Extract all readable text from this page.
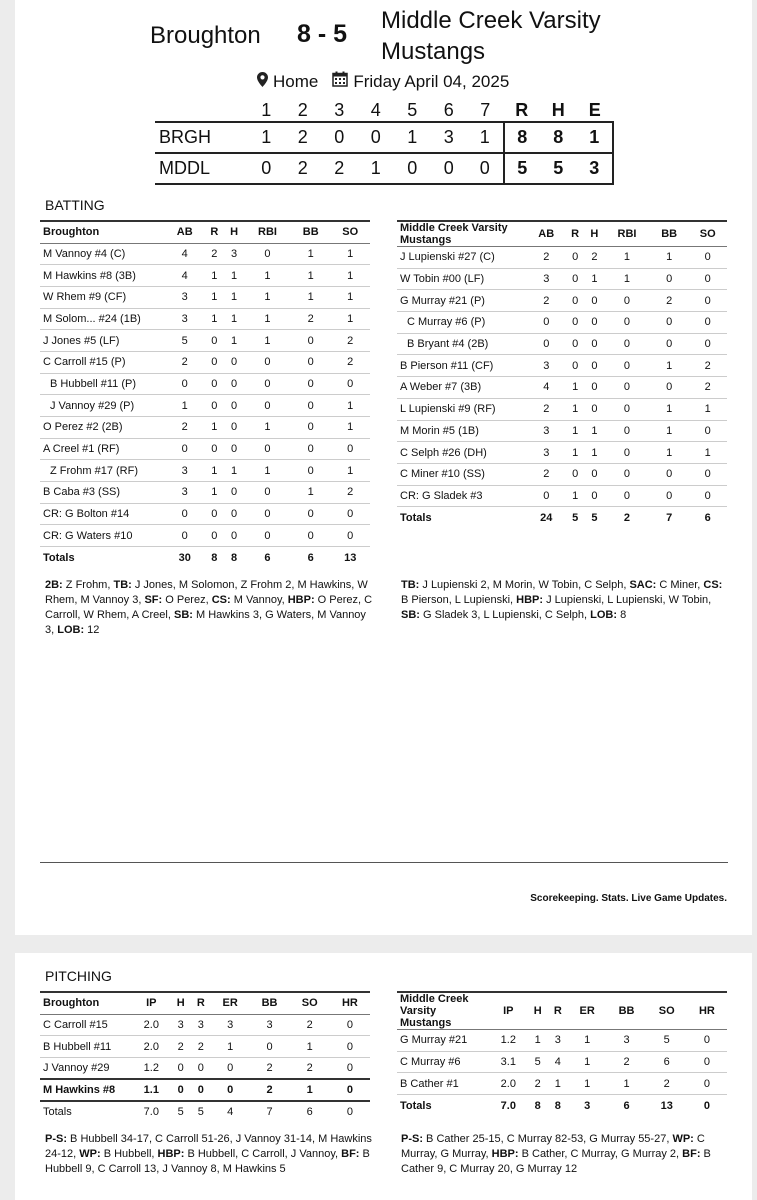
Broughton 8 - 5 Middle Creek Varsity Mustangs
Home Friday April 04, 2025
	1	2	3	4	5	6	7	R	H	E
BRGH	1	2	0	0	1	3	1	8	8	1
MDDL	0	2	2	1	0	0	0	5	5	3
BATTING
Broughton	AB	R	H	RBI	BB	SO
M Vannoy #4 (C)	4	2	3	0	1	1
M Hawkins #8 (3B)	4	1	1	1	1	1
W Rhem #9 (CF)	3	1	1	1	1	1
M Solom... #24 (1B)	3	1	1	1	2	1
J Jones #5 (LF)	5	0	1	1	0	2
C Carroll #15 (P)	2	0	0	0	0	2
B Hubbell #11 (P)	0	0	0	0	0	0
J Vannoy #29 (P)	1	0	0	0	0	1
O Perez #2 (2B)	2	1	0	1	0	1
A Creel #1 (RF)	0	0	0	0	0	0
Z Frohm #17 (RF)	3	1	1	1	0	1
B Caba #3 (SS)	3	1	0	0	1	2
CR: G Bolton #14	0	0	0	0	0	0
CR: G Waters #10	0	0	0	0	0	0
Totals	30	8	8	6	6	13
Middle Creek Varsity Mustangs	AB	R	H	RBI	BB	SO
J Lupienski #27 (C)	2	0	2	1	1	0
W Tobin #00 (LF)	3	0	1	1	0	0
G Murray #21 (P)	2	0	0	0	2	0
C Murray #6 (P)	0	0	0	0	0	0
B Bryant #4 (2B)	0	0	0	0	0	0
B Pierson #11 (CF)	3	0	0	0	1	2
A Weber #7 (3B)	4	1	0	0	0	2
L Lupienski #9 (RF)	2	1	0	0	1	1
M Morin #5 (1B)	3	1	1	0	1	0
C Selph #26 (DH)	3	1	1	0	1	1
C Miner #10 (SS)	2	0	0	0	0	0
CR: G Sladek #3	0	1	0	0	0	0
Totals	24	5	5	2	7	6
2B: Z Frohm, TB: J Jones, M Solomon, Z Frohm 2, M Hawkins, W Rhem, M Vannoy 3, SF: O Perez, CS: M Vannoy, HBP: O Perez, C Carroll, W Rhem, A Creel, SB: M Hawkins 3, G Waters, M Vannoy 3, LOB: 12
TB: J Lupienski 2, M Morin, W Tobin, C Selph, SAC: C Miner, CS: B Pierson, L Lupienski, HBP: J Lupienski, L Lupienski, W Tobin, SB: G Sladek 3, L Lupienski, C Selph, LOB: 8
Scorekeeping. Stats. Live Game Updates.
PITCHING
Broughton	IP	H	R	ER	BB	SO	HR
C Carroll #15	2.0	3	3	3	3	2	0
B Hubbell #11	2.0	2	2	1	0	1	0
J Vannoy #29	1.2	0	0	0	2	2	0
M Hawkins #8	1.1	0	0	0	2	1	0
Totals	7.0	5	5	4	7	6	0
Middle Creek Varsity Mustangs	IP	H	R	ER	BB	SO	HR
G Murray #21	1.2	1	3	1	3	5	0
C Murray #6	3.1	5	4	1	2	6	0
B Cather #1	2.0	2	1	1	1	2	0
Totals	7.0	8	8	3	6	13	0
P-S: B Hubbell 34-17, C Carroll 51-26, J Vannoy 31-14, M Hawkins 24-12, WP: B Hubbell, HBP: B Hubbell, C Carroll, J Vannoy, BF: B Hubbell 9, C Carroll 13, J Vannoy 8, M Hawkins 5
P-S: B Cather 25-15, C Murray 82-53, G Murray 55-27, WP: C Murray, G Murray, HBP: B Cather, C Murray, G Murray 2, BF: B Cather 9, C Murray 20, G Murray 12
